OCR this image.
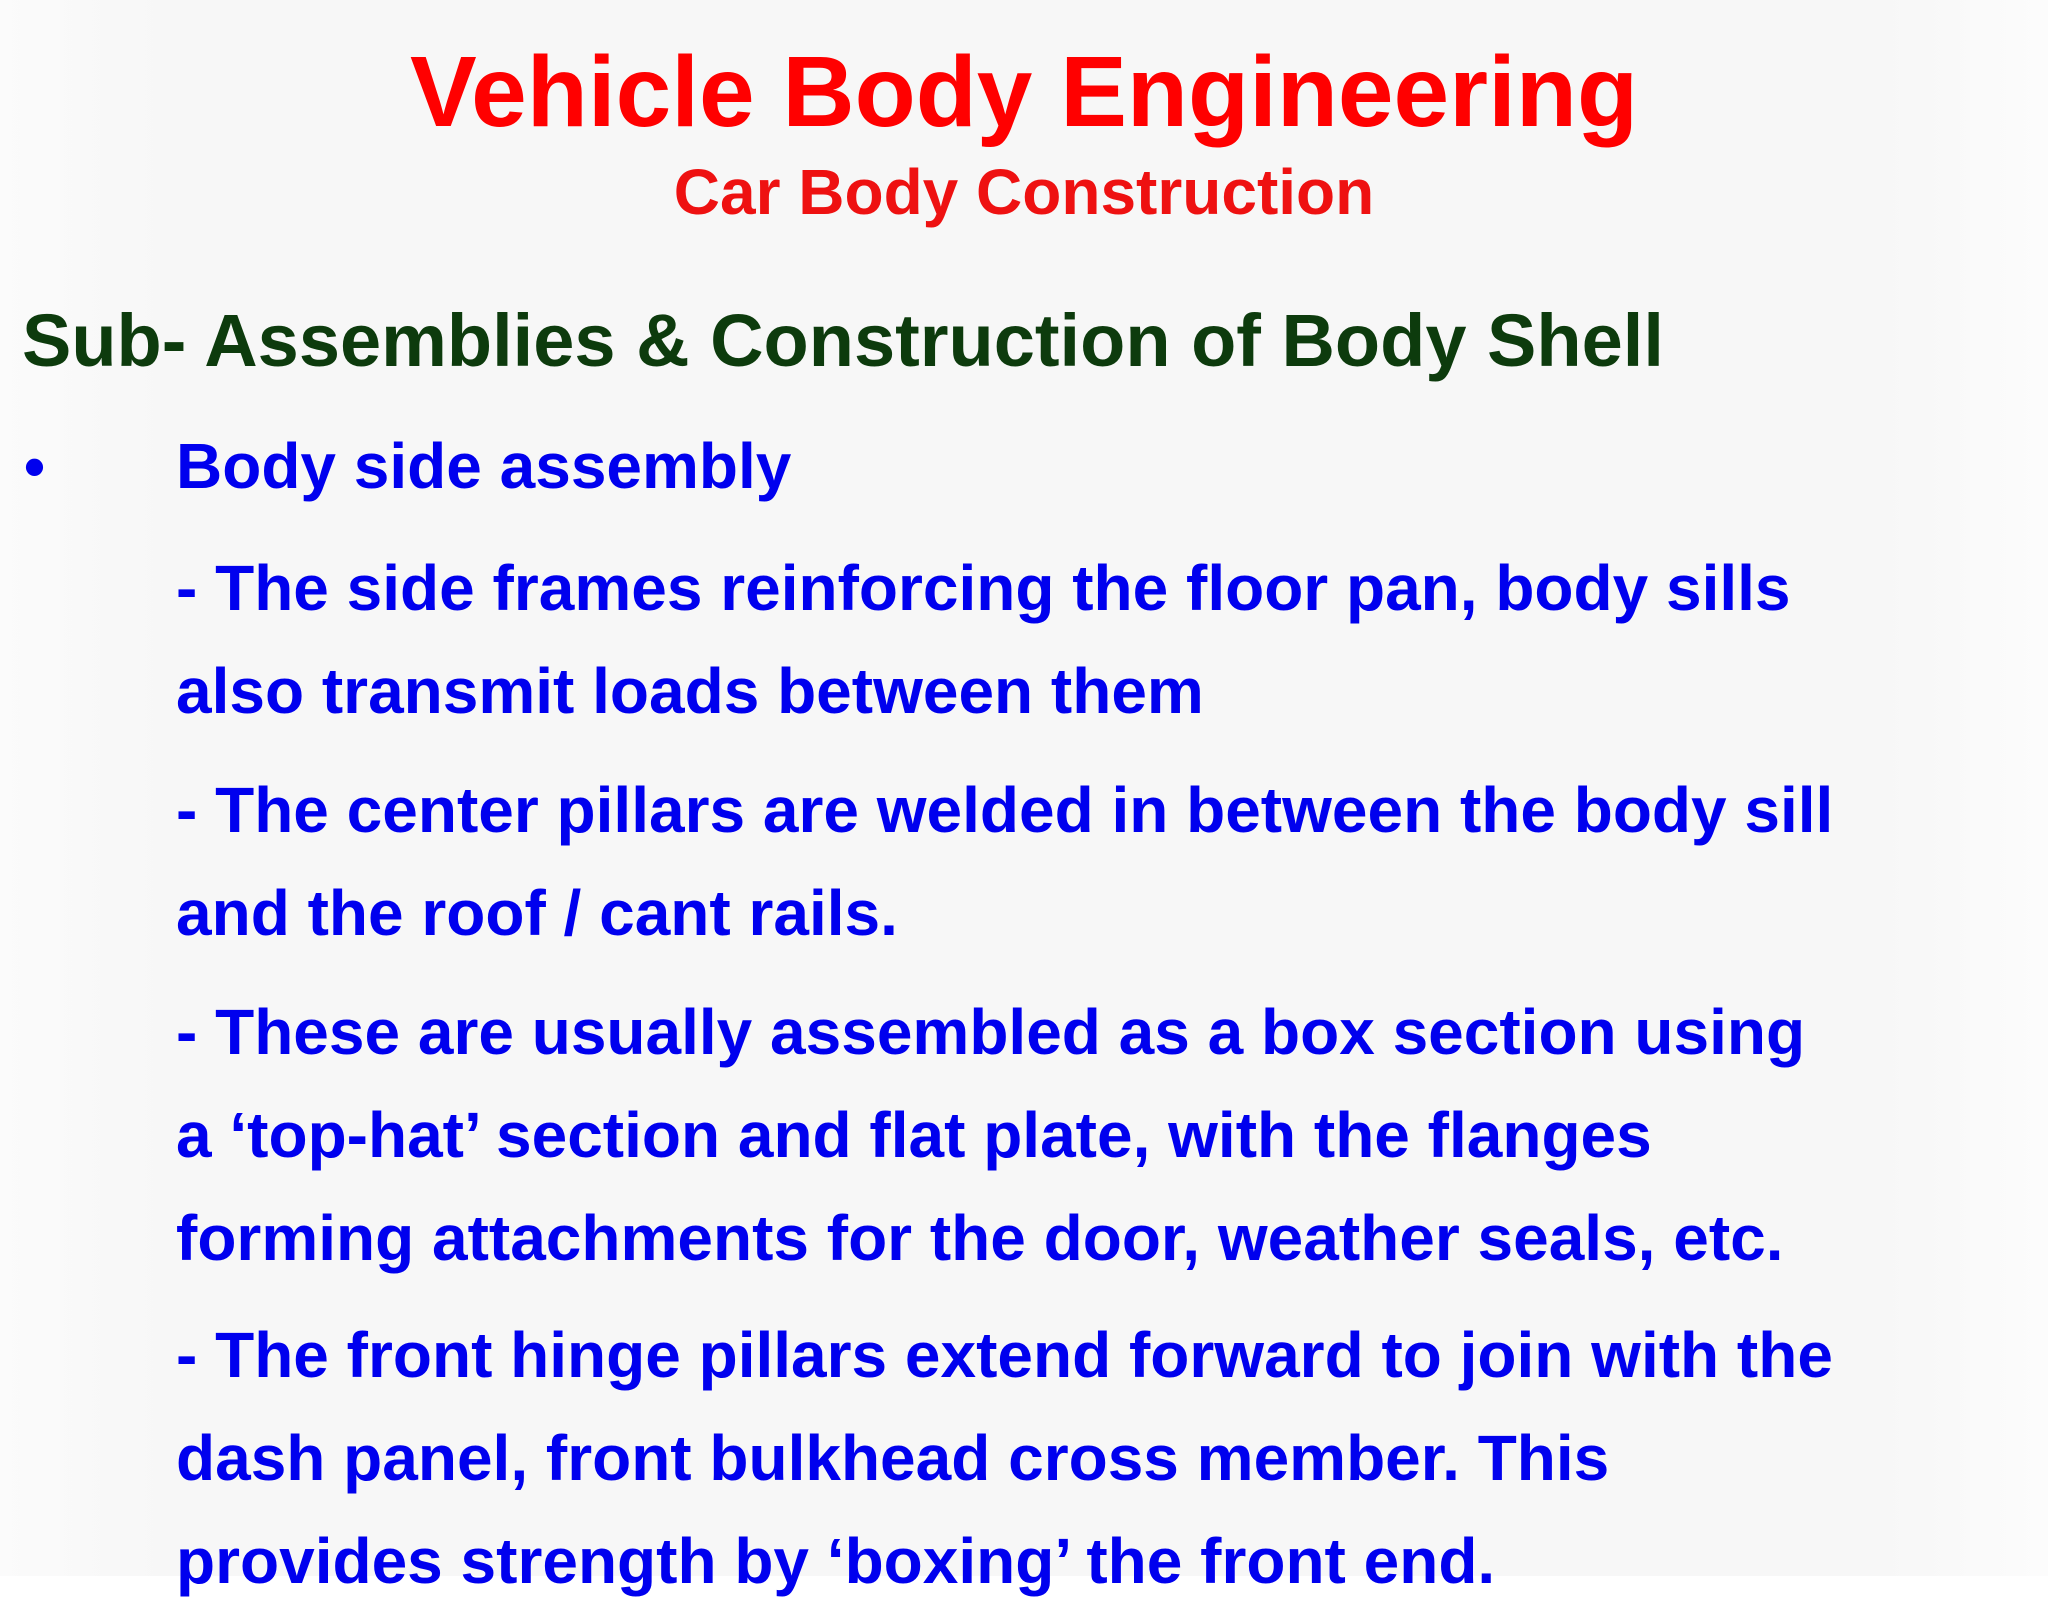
Vehicle Body Engineering
Car Body Construction
Sub- Assemblies & Construction of Body Shell
• Body side assembly
- The side frames reinforcing the floor pan, body sills
also transmit loads between them
- The center pillars are welded in between the body sill
and the roof / cant rails.
- These are usually assembled as a box section using
a ‘top-hat’ section and flat plate, with the flanges
forming attachments for the door, weather seals, etc.
- The front hinge pillars extend forward to join with the
dash panel, front bulkhead cross member. This
provides strength by ‘boxing’ the front end.
